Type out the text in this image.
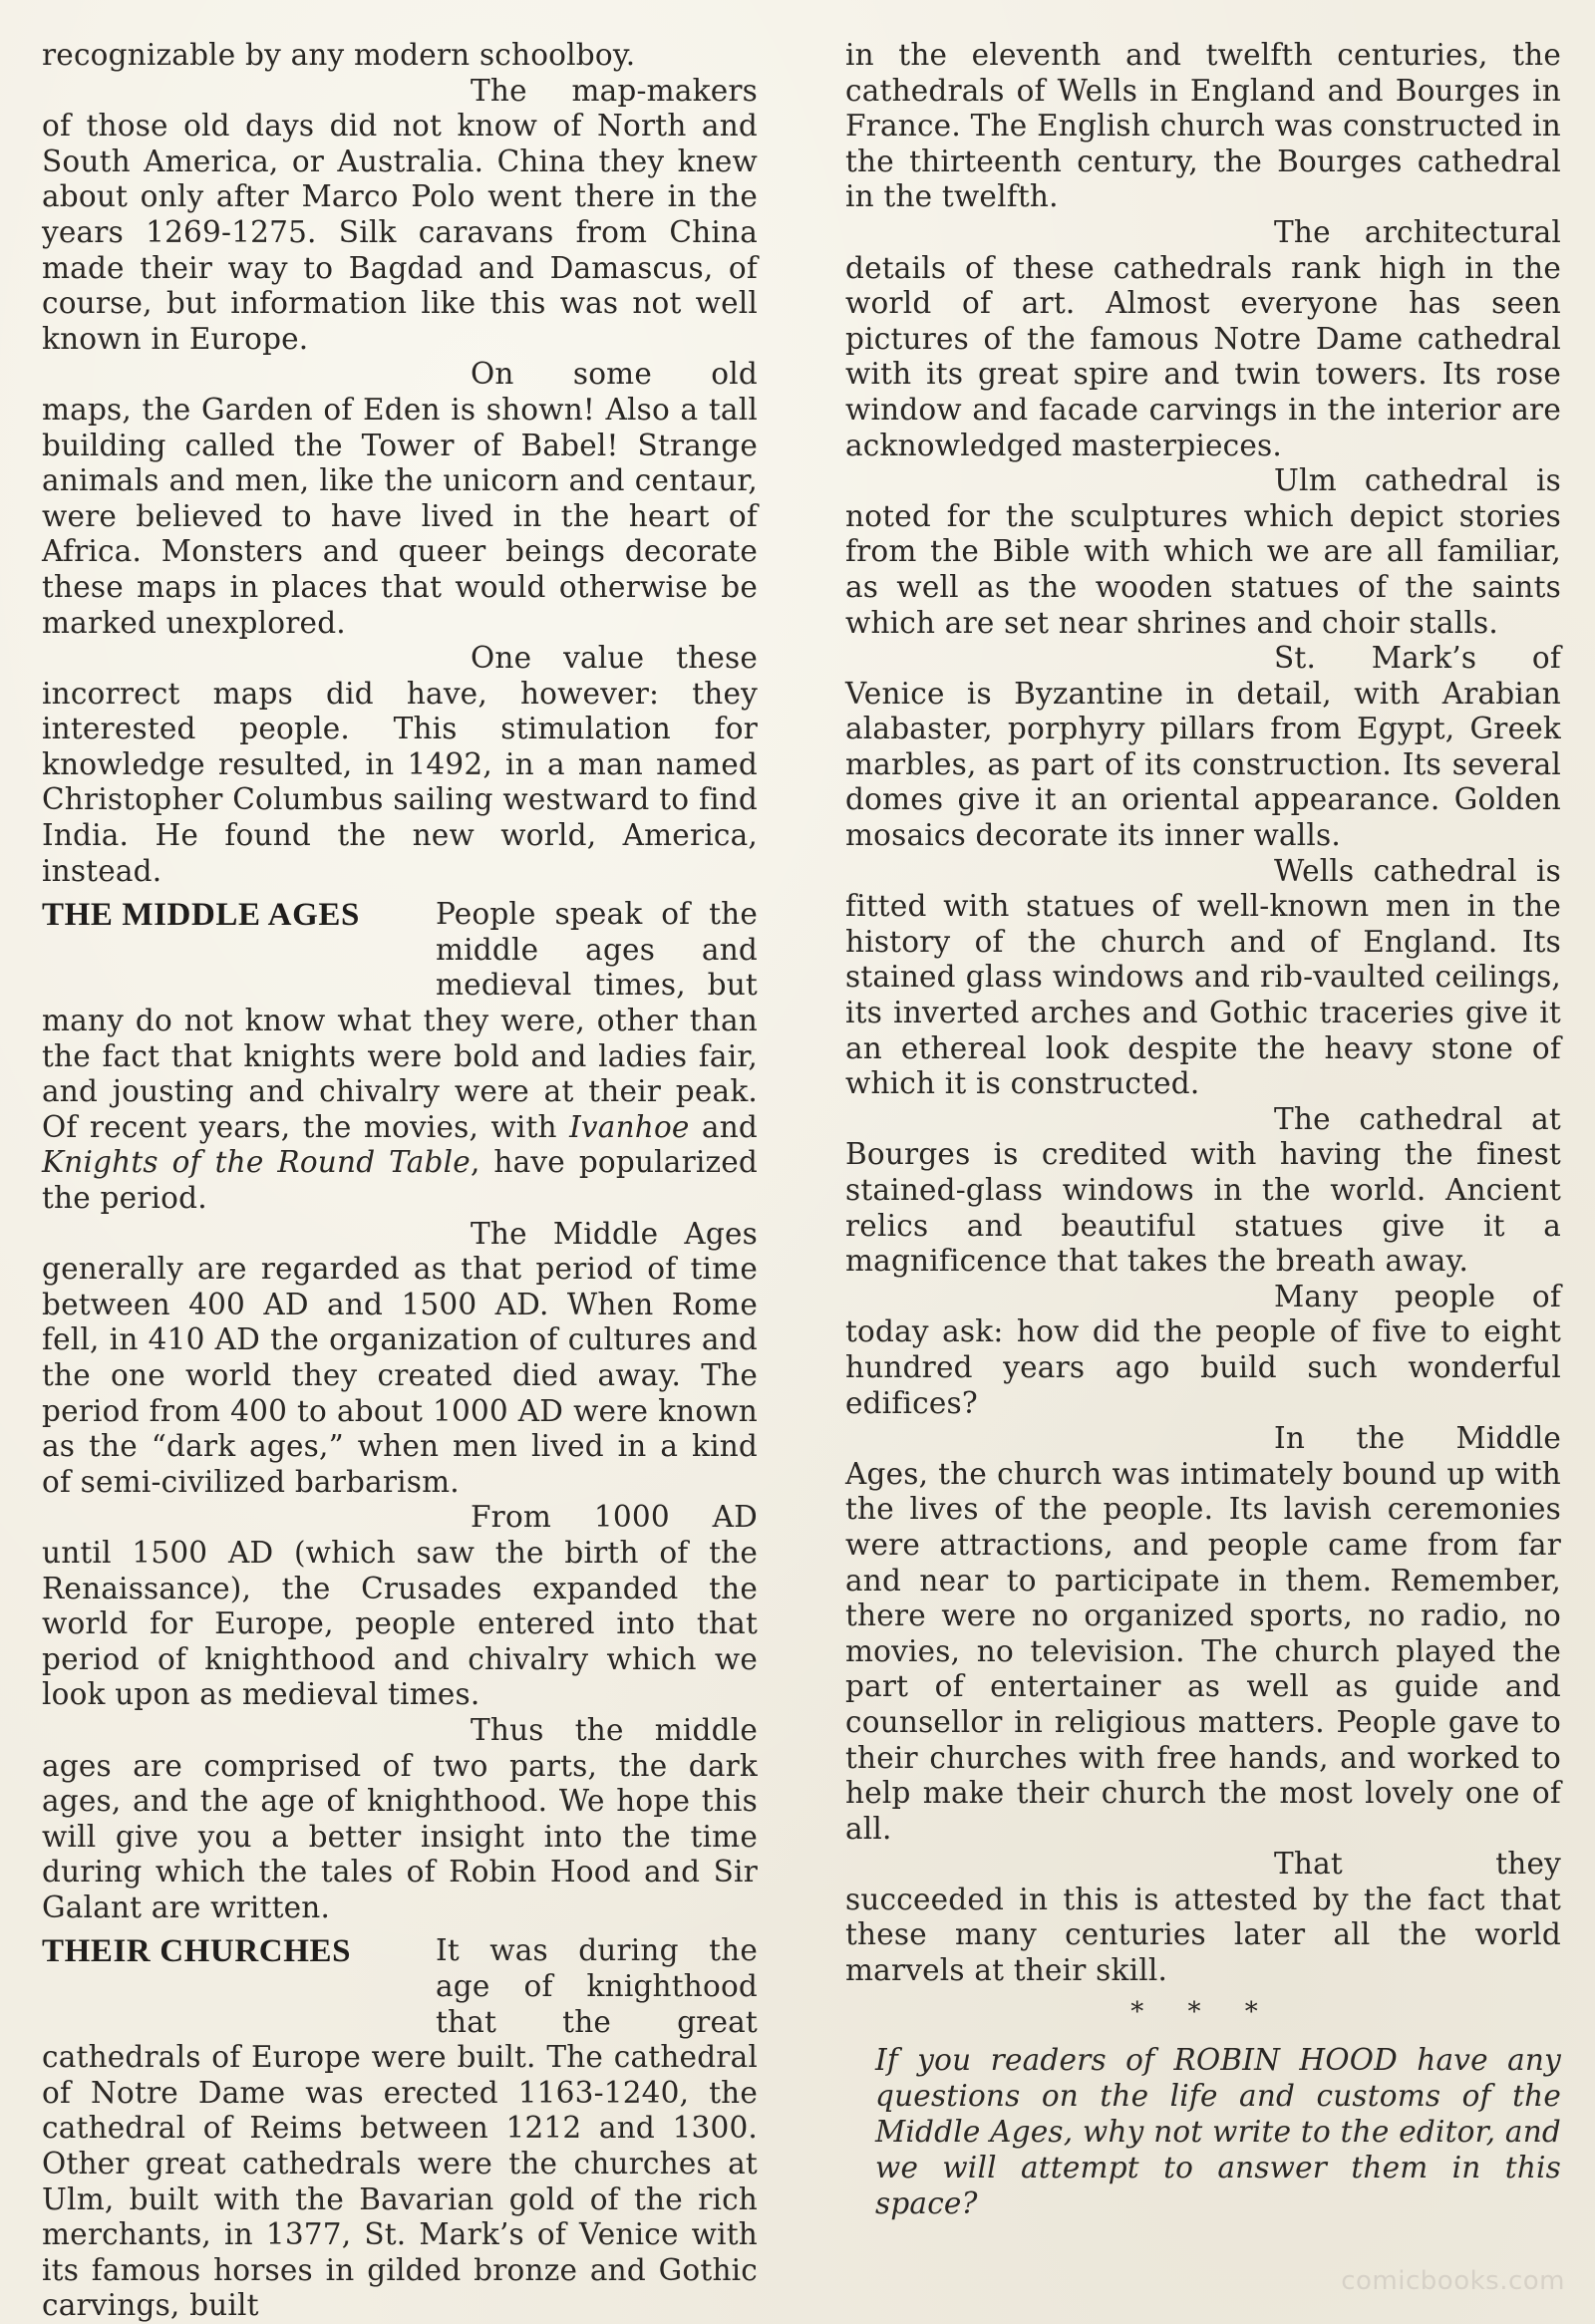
recognizable by any modern schoolboy.

The map-makers of those old days did not know of North and South America, or Australia. China they knew about only after Marco Polo went there in the years 1269-1275. Silk caravans from China made their way to Bagdad and Damascus, of course, but information like this was not well known in Europe.

On some old maps, the Garden of Eden is shown! Also a tall building called the Tower of Babel! Strange animals and men, like the unicorn and centaur, were believed to have lived in the heart of Africa. Monsters and queer beings decorate these maps in places that would otherwise be marked unexplored.

One value these incorrect maps did have, however: they interested people. This stimulation for knowledge resulted, in 1492, in a man named Christopher Columbus sailing westward to find India. He found the new world, America, instead.

THE MIDDLE AGES	People speak of the middle ages and medieval times, but many do not know what they were, other than the fact that knights were bold and ladies fair, and jousting and chivalry were at their peak. Of recent years, the movies, with Ivanhoe and Knights of the Round Table, have popularized the period.

The Middle Ages generally are regarded as that period of time between 400 AD and 1500 AD. When Rome fell, in 410 AD the organization of cultures and the one world they created died away. The period from 400 to about 1000 AD were known as the “dark ages,” when men lived in a kind of semi-civilized barbarism.

From 1000 AD until 1500 AD (which saw the birth of the Renaissance), the Crusades expanded the world for Europe, people entered into that period of knighthood and chivalry which we look upon as medieval times.

Thus the middle ages are comprised of two parts, the dark ages, and the age of knighthood. We hope this will give you a better insight into the time during which the tales of Robin Hood and Sir Galant are written.

THEIR CHURCHES	It was during the age of knighthood that the great cathedrals of Europe were built. The cathedral of Notre Dame was erected 1163-1240, the cathedral of Reims between 1212 and 1300. Other great cathedrals were the churches at Ulm, built with the Bavarian gold of the rich merchants, in 1377, St. Mark’s of Venice with its famous horses in gilded bronze and Gothic carvings, built

in the eleventh and twelfth centuries, the cathedrals of Wells in England and Bourges in France. The English church was constructed in the thirteenth century, the Bourges cathedral in the twelfth.

The architectural details of these cathedrals rank high in the world of art. Almost everyone has seen pictures of the famous Notre Dame cathedral with its great spire and twin towers. Its rose window and facade carvings in the interior are acknowledged masterpieces.

Ulm cathedral is noted for the sculptures which depict stories from the Bible with which we are all familiar, as well as the wooden statues of the saints which are set near shrines and choir stalls.

St. Mark’s of Venice is Byzantine in detail, with Arabian alabaster, porphyry pillars from Egypt, Greek marbles, as part of its construction. Its several domes give it an oriental appearance. Golden mosaics decorate its inner walls.

Wells cathedral is fitted with statues of well-known men in the history of the church and of England. Its stained glass windows and rib-vaulted ceilings, its inverted arches and Gothic traceries give it an ethereal look despite the heavy stone of which it is constructed.

The cathedral at Bourges is credited with having the finest stained-glass windows in the world. Ancient relics and beautiful statues give it a magnificence that takes the breath away.

Many people of today ask: how did the people of five to eight hundred years ago build such wonderful edifices?

In the Middle Ages, the church was intimately bound up with the lives of the people. Its lavish ceremonies were attractions, and people came from far and near to participate in them. Remember, there were no organized sports, no radio, no movies, no television. The church played the part of entertainer as well as guide and counsellor in religious matters. People gave to their churches with free hands, and worked to help make their church the most lovely one of all.

That they succeeded in this is attested by the fact that these many centuries later all the world marvels at their skill.

* * *

If you readers of ROBIN HOOD have any questions on the life and customs of the Middle Ages, why not write to the editor, and we will attempt to answer them in this space?

comicbooks.com
